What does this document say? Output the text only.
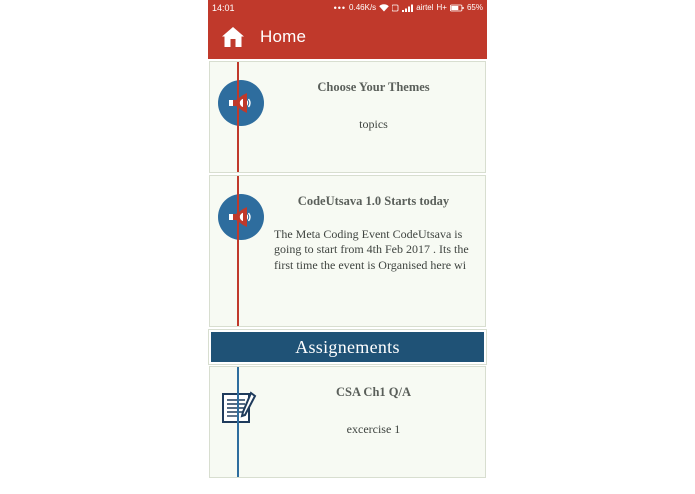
14:01	••• 0.46K/s	airtel H+	65%
Home
Choose Your Themes
topics
CodeUtsava 1.0 Starts today
The Meta Coding Event CodeUtsava is going to start from 4th Feb 2017 . Its the first time the event is Organised here wi
Assignements
CSA Ch1 Q/A
excercise 1
